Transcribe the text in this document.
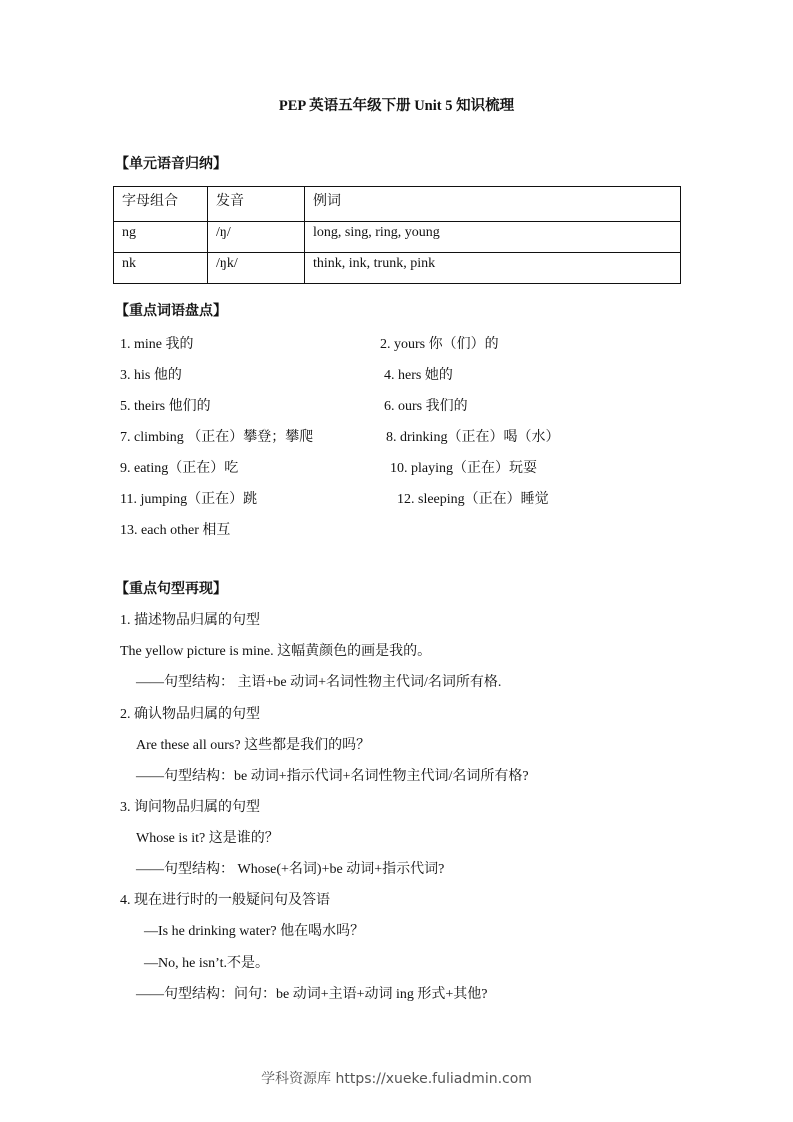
PEP 英语五年级下册 Unit 5 知识梳理
【单元语音归纳】
字母组合	发音	例词
ng	/ŋ/	long, sing, ring, young
nk	/ŋk/	think, ink, trunk, pink
【重点词语盘点】
1. mine 我的	2. yours 你（们）的
3. his 他的	4. hers 她的
5. theirs 他们的	6. ours 我们的
7. climbing （正在）攀登；攀爬	8. drinking（正在）喝（水）
9. eating（正在）吃	10. playing（正在）玩耍
11. jumping（正在）跳	12. sleeping（正在）睡觉
13. each other 相互
【重点句型再现】
1. 描述物品归属的句型
The yellow picture is mine. 这幅黄颜色的画是我的。
——句型结构： 主语+be 动词+名词性物主代词/名词所有格.
2. 确认物品归属的句型
Are these all ours? 这些都是我们的吗？
——句型结构：be 动词+指示代词+名词性物主代词/名词所有格?
3. 询问物品归属的句型
Whose is it? 这是谁的？
——句型结构： Whose(+名词)+be 动词+指示代词?
4. 现在进行时的一般疑问句及答语
—Is he drinking water? 他在喝水吗？
—No, he isn’t.不是。
——句型结构：问句：be 动词+主语+动词 ing 形式+其他?
学科资源库 https://xueke.fuliadmin.com
